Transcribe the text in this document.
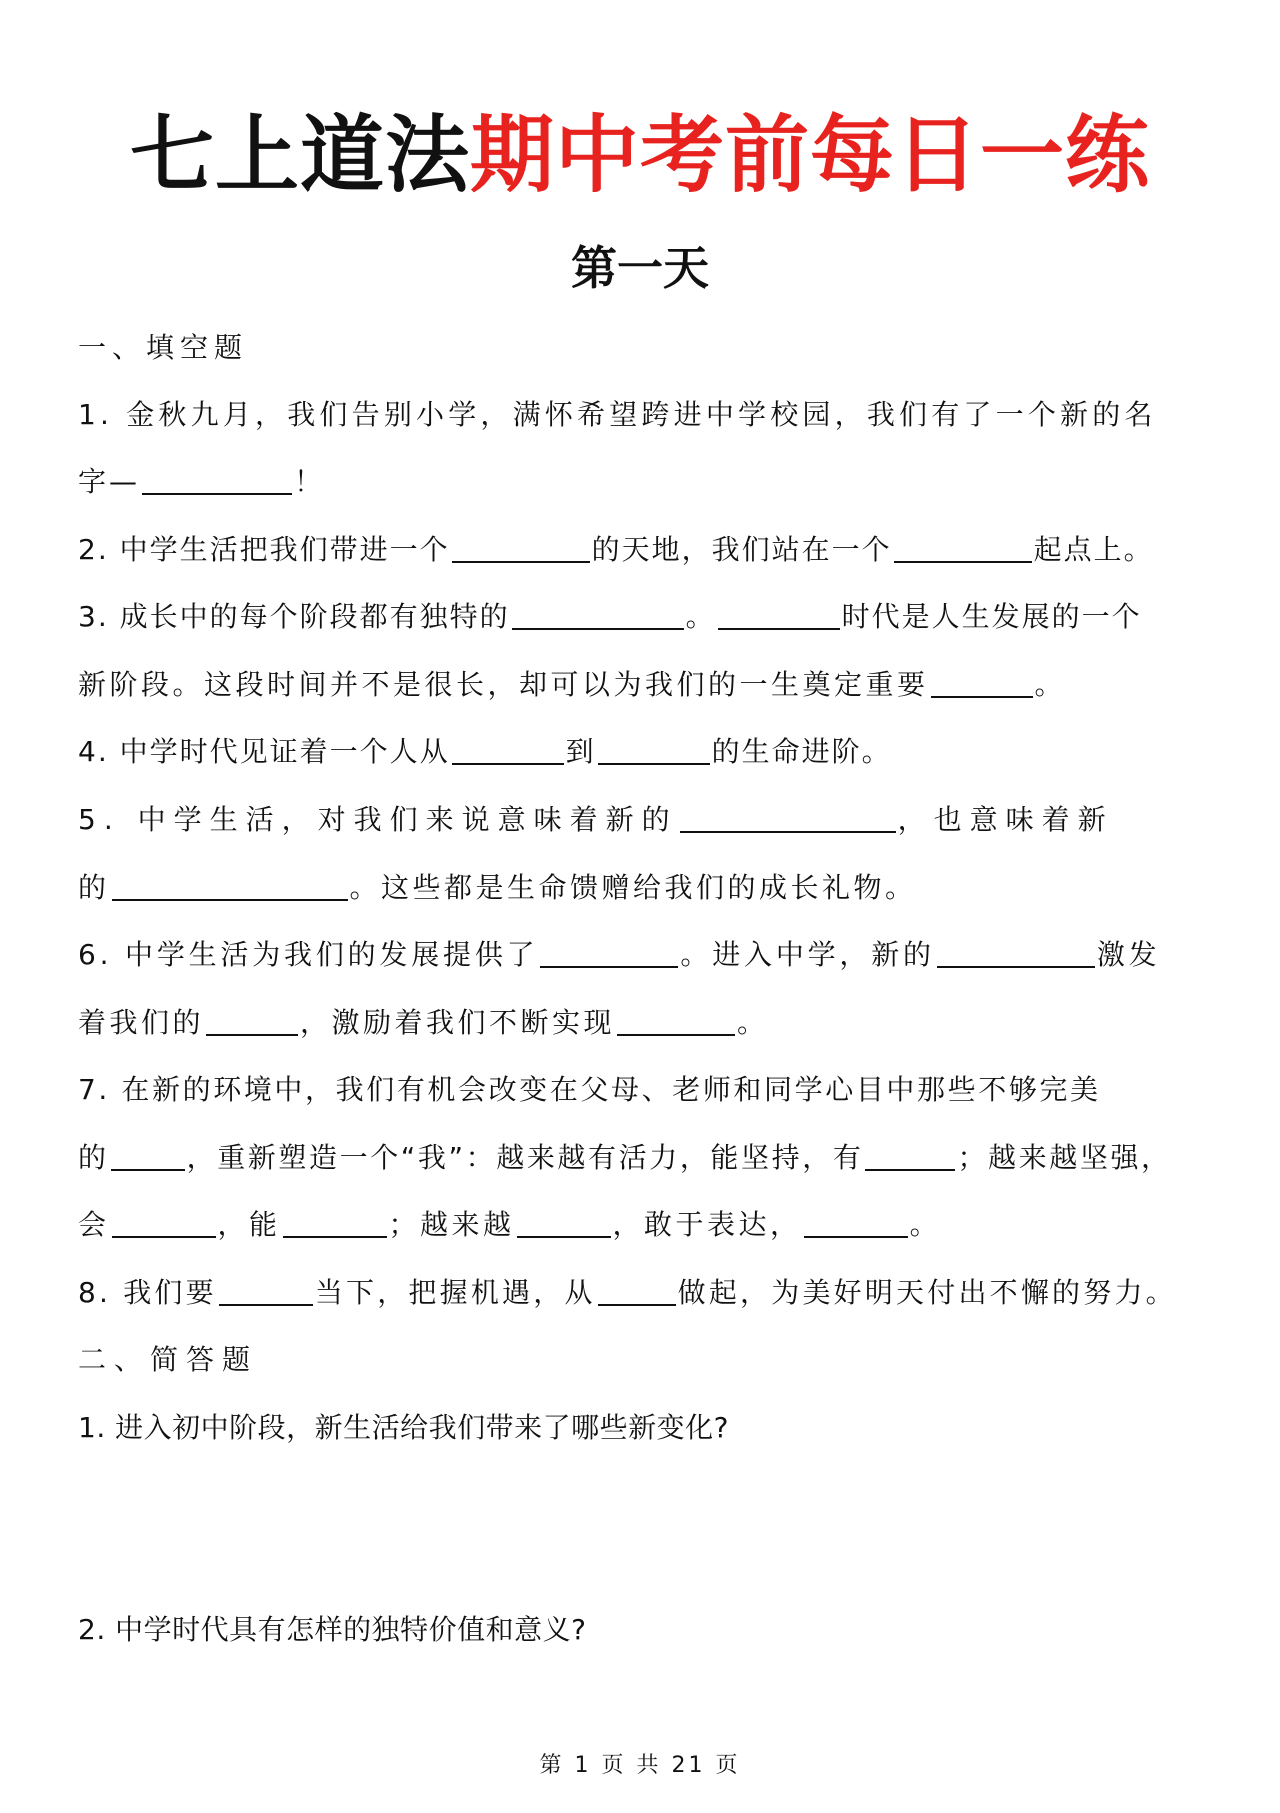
七上道法期中考前每日一练
第一天
一、填空题
1. 金秋九月，我们告别小学，满怀希望跨进中学校园，我们有了一个新的名
字—	！
2. 中学生活把我们带进一个	的天地，我们站在一个	起点上。
3. 成长中的每个阶段都有独特的	。	时代是人生发展的一个
新阶段。这段时间并不是很长，却可以为我们的一生奠定重要	。
4. 中学时代见证着一个人从	到	的生命进阶。
5. 中学生活，对我们来说意味着新的	，也意味着新
的	。这些都是生命馈赠给我们的成长礼物。
6. 中学生活为我们的发展提供了	。进入中学，新的	激发
着我们的	，激励着我们不断实现	。
7. 在新的环境中，我们有机会改变在父母、老师和同学心目中那些不够完美
的	，重新塑造一个“我”：越来越有活力，能坚持，有	；越来越坚强，
会	，能	；越来越	，敢于表达，	。
8. 我们要	当下，把握机遇，从	做起，为美好明天付出不懈的努力。
二、简答题
1. 进入初中阶段，新生活给我们带来了哪些新变化?
2. 中学时代具有怎样的独特价值和意义?
第 1 页 共 21 页
